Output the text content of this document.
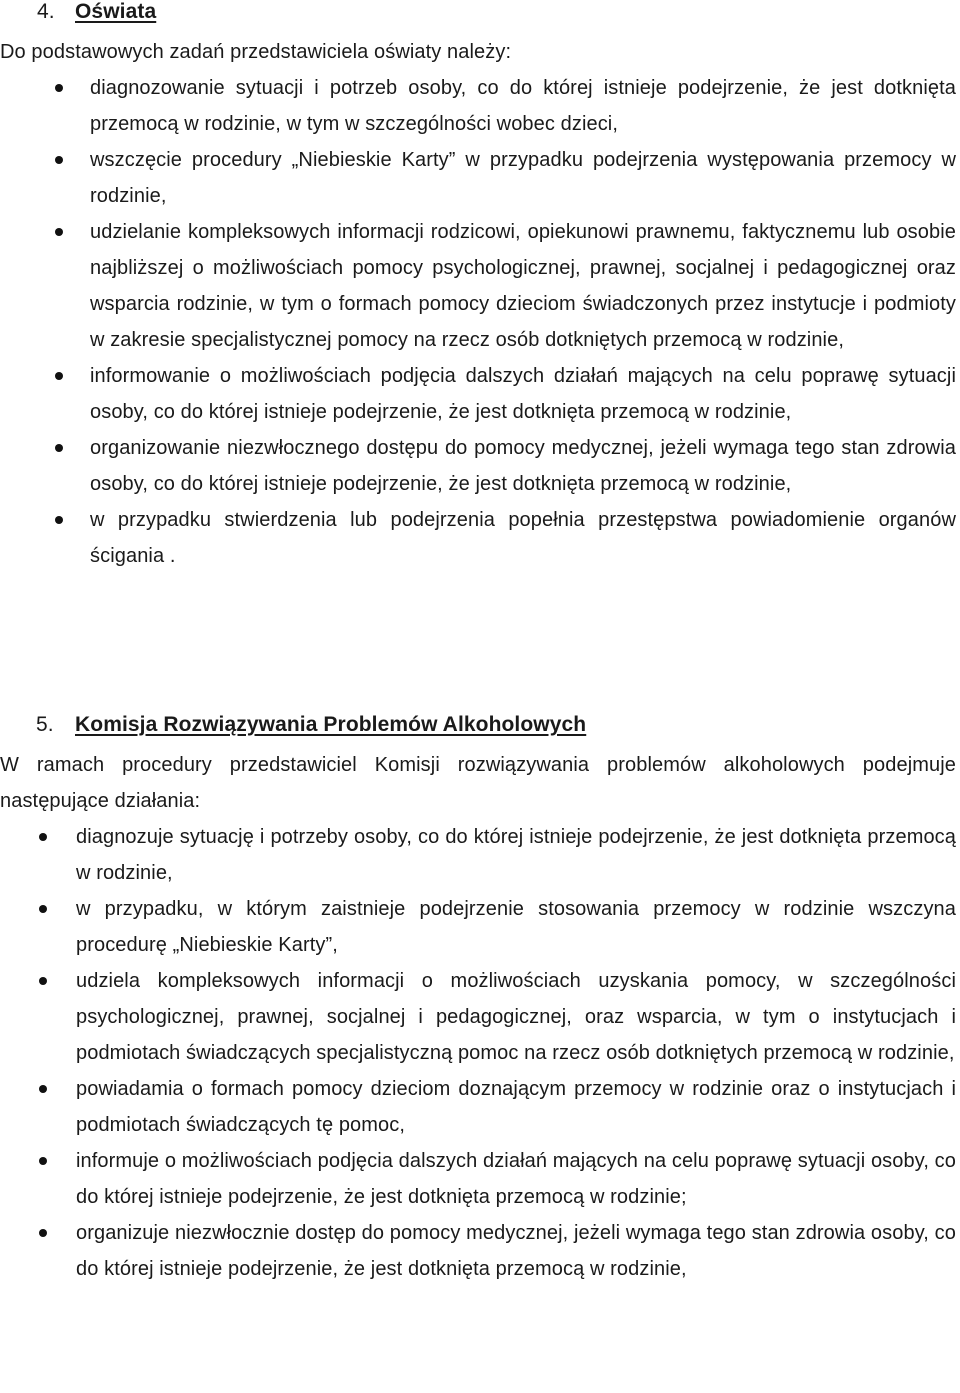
4. Oświata
Do podstawowych zadań przedstawiciela oświaty należy:
diagnozowanie sytuacji i potrzeb osoby, co do której istnieje podejrzenie, że jest dotknięta przemocą w rodzinie, w tym w szczególności wobec dzieci,
wszczęcie procedury „Niebieskie Karty” w przypadku podejrzenia występowania przemocy w rodzinie,
udzielanie kompleksowych informacji rodzicowi, opiekunowi prawnemu, faktycznemu lub osobie najbliższej o możliwościach pomocy psychologicznej, prawnej, socjalnej i pedagogicznej oraz wsparcia rodzinie, w tym o formach pomocy dzieciom świadczonych przez instytucje i podmioty w zakresie specjalistycznej pomocy na rzecz osób dotkniętych przemocą w rodzinie,
informowanie o możliwościach podjęcia dalszych działań mających na celu poprawę sytuacji osoby, co do której istnieje podejrzenie, że jest dotknięta przemocą w rodzinie,
organizowanie niezwłocznego dostępu do pomocy medycznej, jeżeli wymaga tego stan zdrowia osoby, co do której istnieje podejrzenie, że jest dotknięta przemocą w rodzinie,
w przypadku stwierdzenia lub podejrzenia popełnia przestępstwa powiadomienie organów ścigania .
5. Komisja Rozwiązywania Problemów Alkoholowych
W ramach procedury przedstawiciel Komisji rozwiązywania problemów alkoholowych podejmuje następujące działania:
diagnozuje sytuację i potrzeby osoby, co do której istnieje podejrzenie, że jest dotknięta przemocą w rodzinie,
w przypadku, w którym zaistnieje podejrzenie stosowania przemocy w rodzinie wszczyna procedurę „Niebieskie Karty”,
udziela kompleksowych informacji o możliwościach uzyskania pomocy, w szczególności psychologicznej, prawnej, socjalnej i pedagogicznej, oraz wsparcia, w tym o instytucjach i podmiotach świadczących specjalistyczną pomoc na rzecz osób dotkniętych przemocą w rodzinie,
powiadamia o formach pomocy dzieciom doznającym przemocy w rodzinie oraz o instytucjach i podmiotach świadczących tę pomoc,
informuje o możliwościach podjęcia dalszych działań mających na celu poprawę sytuacji osoby, co do której istnieje podejrzenie, że jest dotknięta przemocą w rodzinie;
organizuje niezwłocznie dostęp do pomocy medycznej, jeżeli wymaga tego stan zdrowia osoby, co do której istnieje podejrzenie, że jest dotknięta przemocą w rodzinie,
